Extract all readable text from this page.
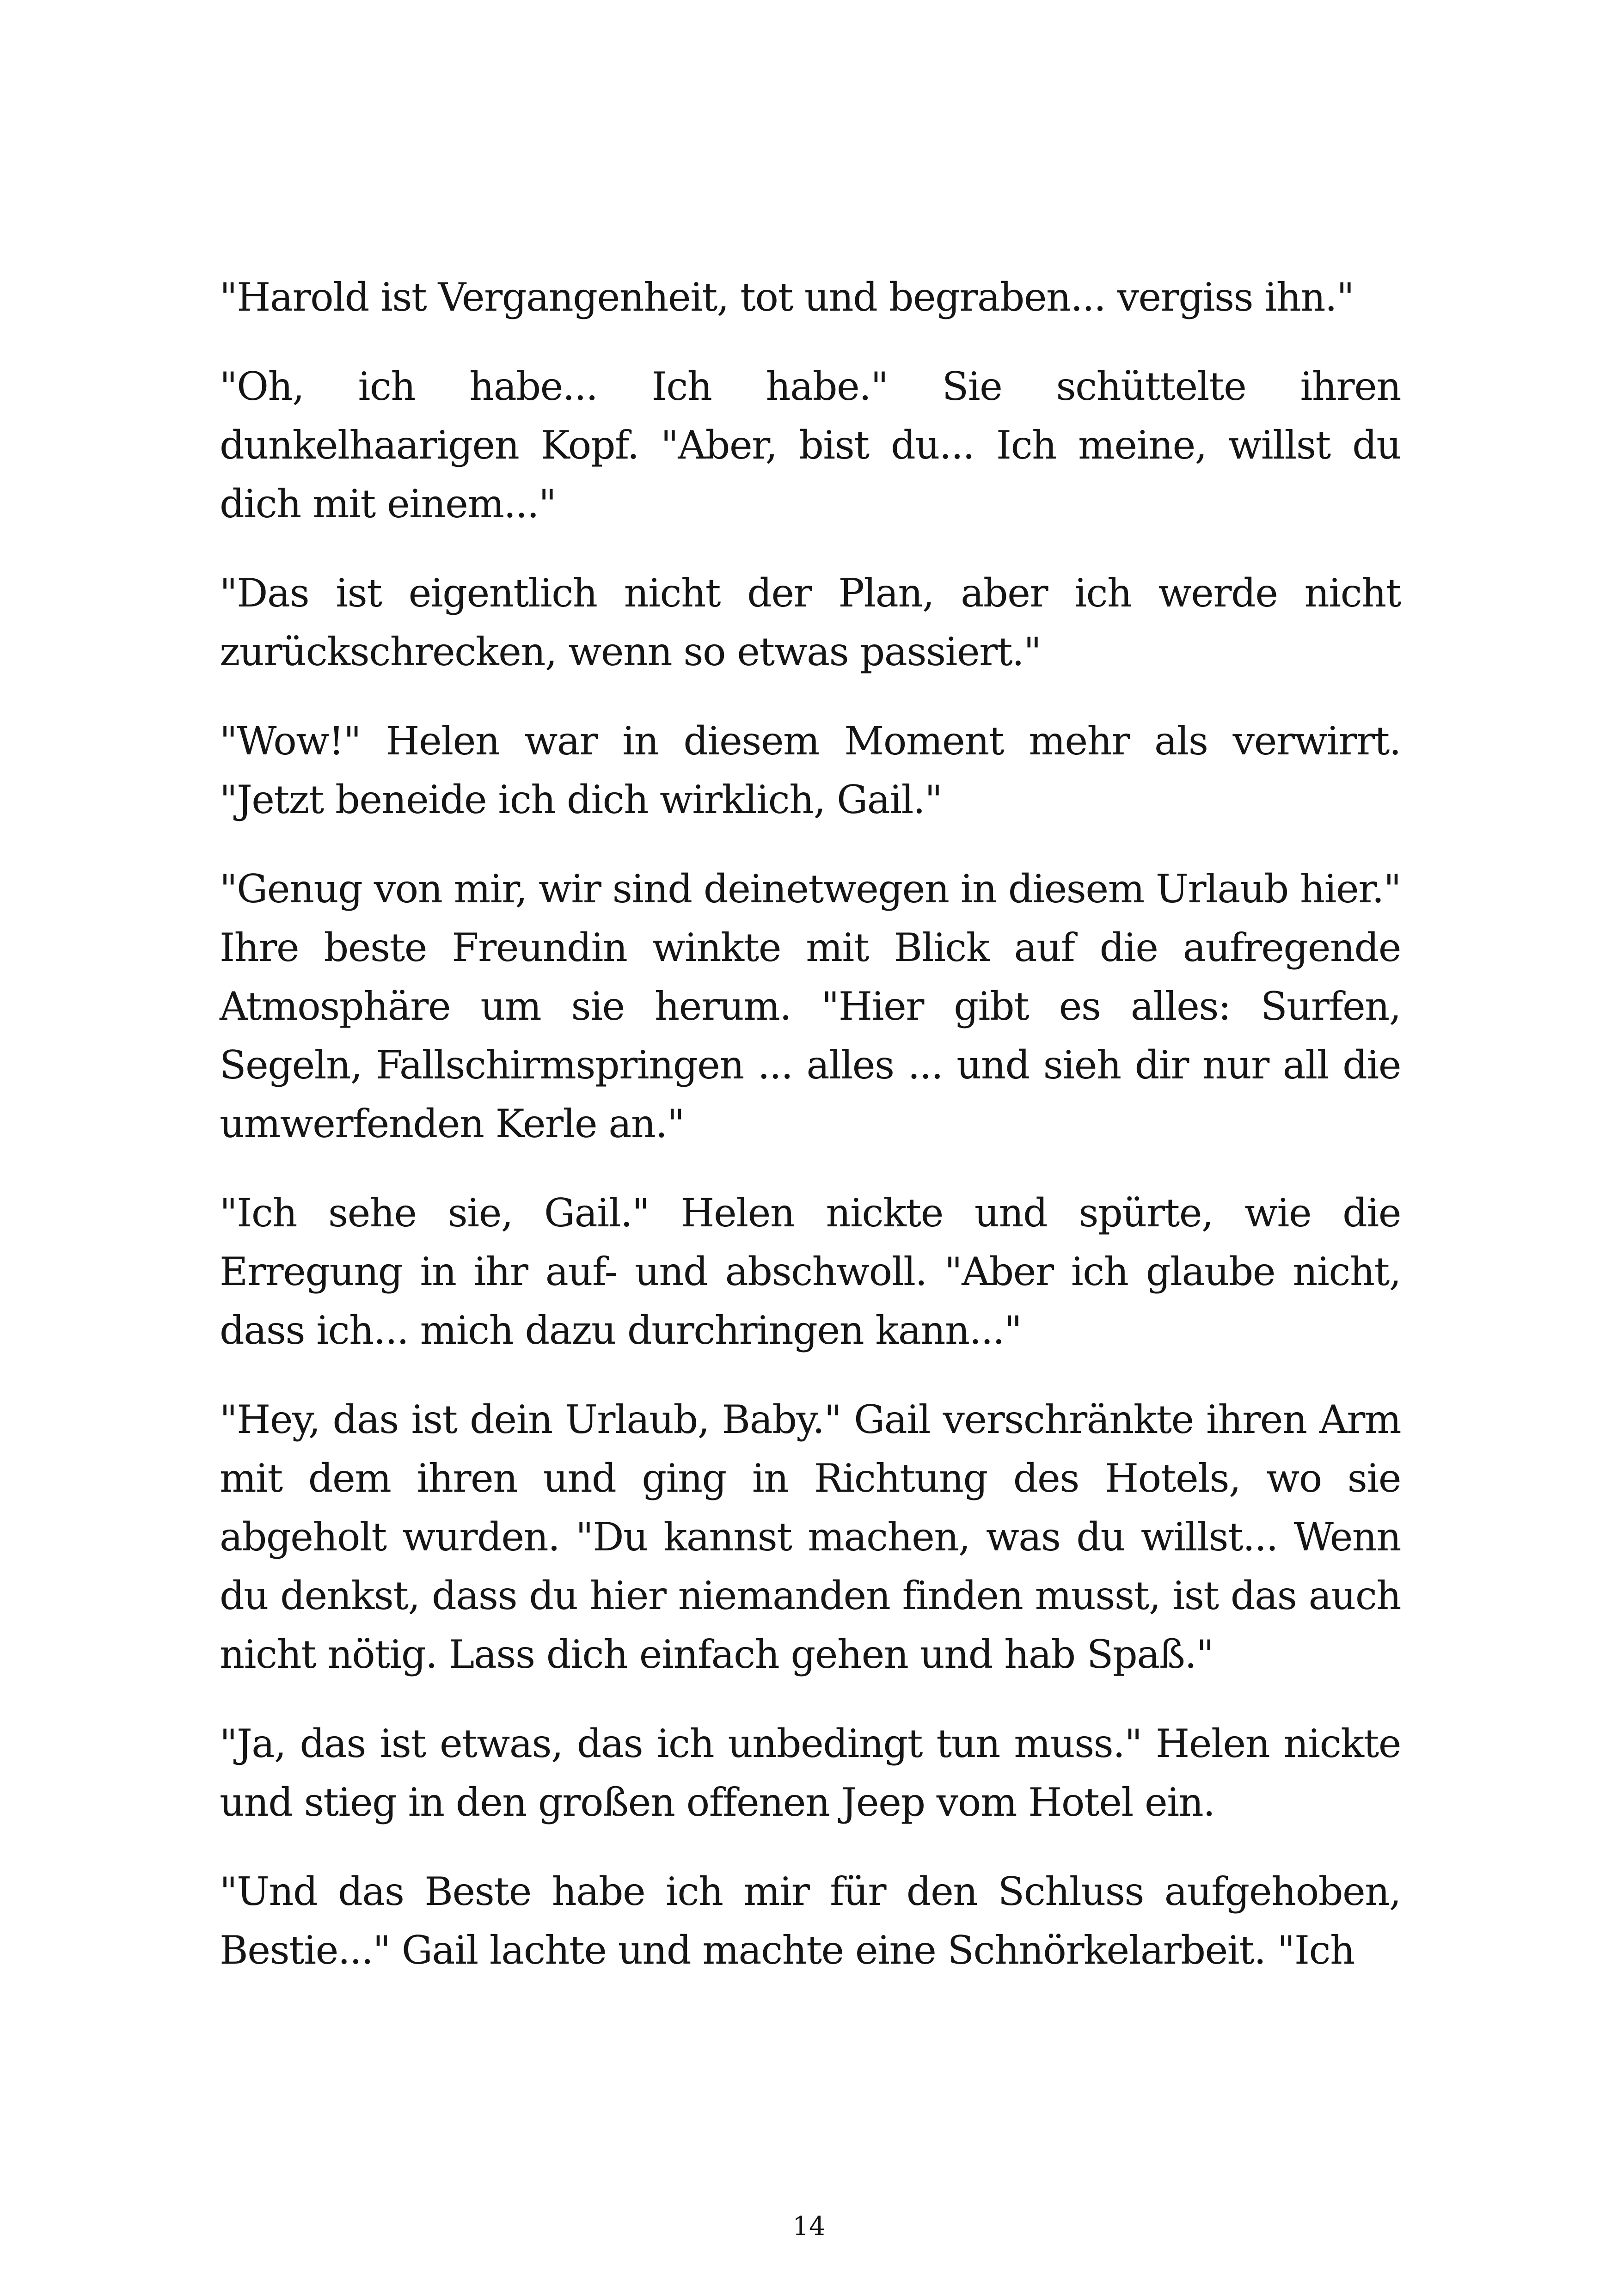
"Harold ist Vergangenheit, tot und begraben... vergiss ihn."

"Oh, ich habe... Ich habe." Sie schüttelte ihren dunkelhaarigen Kopf. "Aber, bist du... Ich meine, willst du dich mit einem..."

"Das ist eigentlich nicht der Plan, aber ich werde nicht zurückschrecken, wenn so etwas passiert."

"Wow!" Helen war in diesem Moment mehr als verwirrt. "Jetzt beneide ich dich wirklich, Gail."

"Genug von mir, wir sind deinetwegen in diesem Urlaub hier." Ihre beste Freundin winkte mit Blick auf die aufregende Atmosphäre um sie herum. "Hier gibt es alles: Surfen, Segeln, Fallschirmspringen ... alles ... und sieh dir nur all die umwerfenden Kerle an."

"Ich sehe sie, Gail." Helen nickte und spürte, wie die Erregung in ihr auf- und abschwoll. "Aber ich glaube nicht, dass ich... mich dazu durchringen kann..."

"Hey, das ist dein Urlaub, Baby." Gail verschränkte ihren Arm mit dem ihren und ging in Richtung des Hotels, wo sie abgeholt wurden. "Du kannst machen, was du willst... Wenn du denkst, dass du hier niemanden finden musst, ist das auch nicht nötig. Lass dich einfach gehen und hab Spaß."

"Ja, das ist etwas, das ich unbedingt tun muss." Helen nickte und stieg in den großen offenen Jeep vom Hotel ein.

"Und das Beste habe ich mir für den Schluss aufgehoben, Bestie..." Gail lachte und machte eine Schnörkelarbeit. "Ich

14
